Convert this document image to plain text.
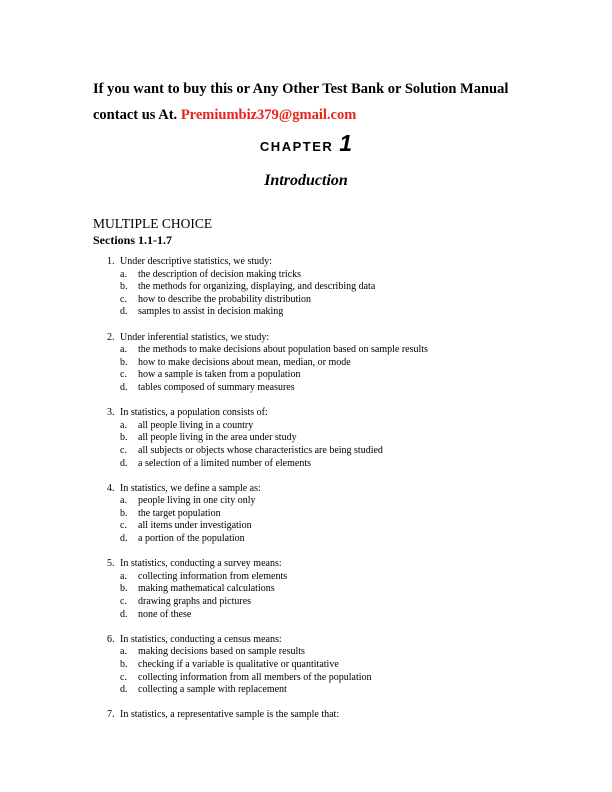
If you want to buy this or Any Other Test Bank or Solution Manual
contact us At. Premiumbiz379@gmail.com
CHAPTER 1
Introduction
MULTIPLE CHOICE
Sections 1.1-1.7
1. Under descriptive statistics, we study:
a.	the description of decision making tricks
b.	the methods for organizing, displaying, and describing data
c.	how to describe the probability distribution
d.	samples to assist in decision making
2. Under inferential statistics, we study:
a.	the methods to make decisions about population based on sample results
b.	how to make decisions about mean, median, or mode
c.	how a sample is taken from a population
d.	tables composed of summary measures
3. In statistics, a population consists of:
a.	all people living in a country
b.	all people living in the area under study
c.	all subjects or objects whose characteristics are being studied
d.	a selection of a limited number of elements
4. In statistics, we define a sample as:
a.	people living in one city only
b.	the target population
c.	all items under investigation
d.	a portion of the population
5. In statistics, conducting a survey means:
a.	collecting information from elements
b.	making mathematical calculations
c.	drawing graphs and pictures
d.	none of these
6. In statistics, conducting a census means:
a.	making decisions based on sample results
b.	checking if a variable is qualitative or quantitative
c.	collecting information from all members of the population
d.	collecting a sample with replacement
7. In statistics, a representative sample is the sample that:
